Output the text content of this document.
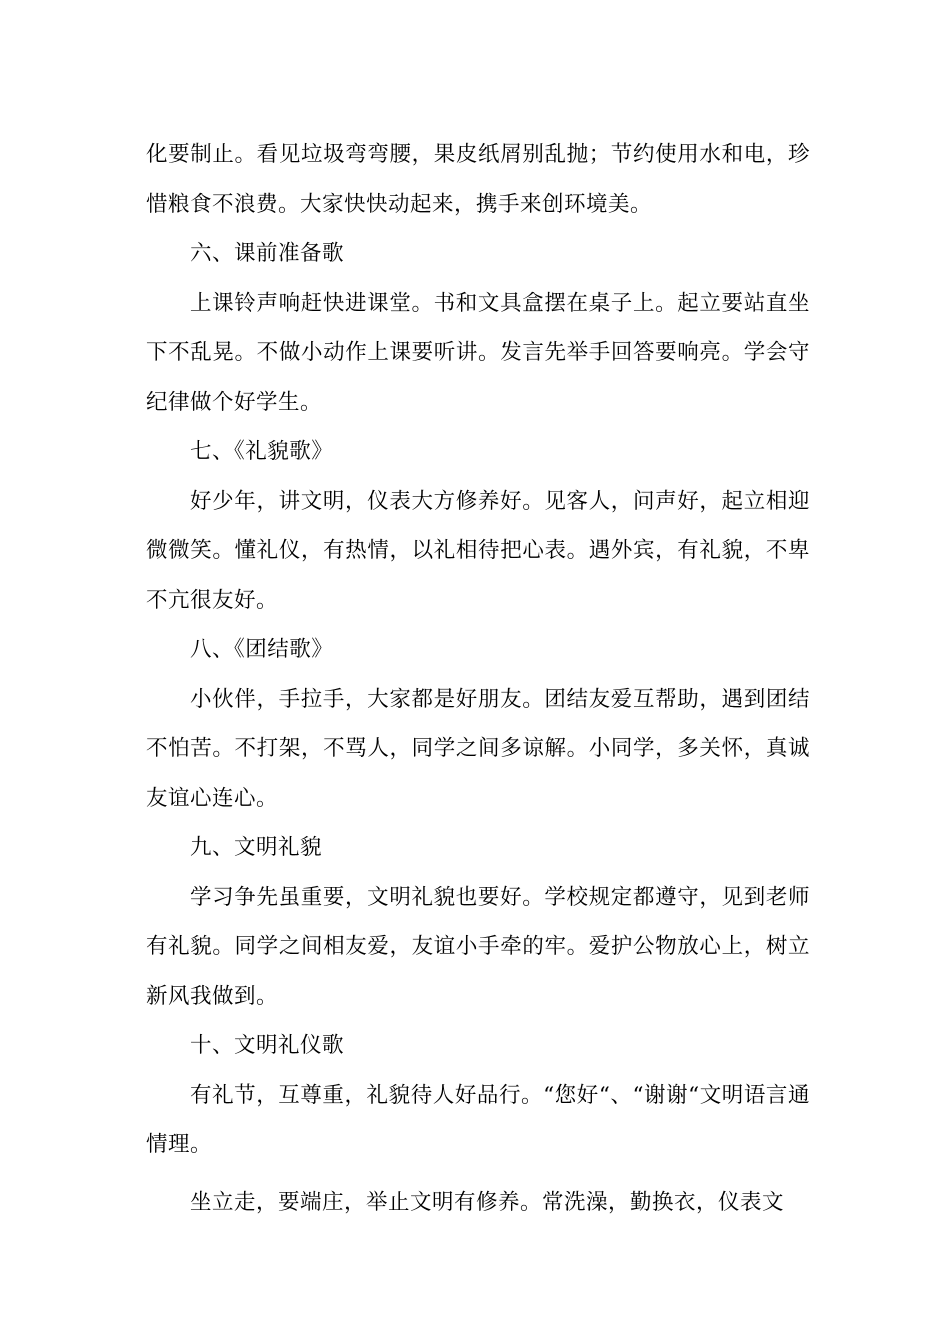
化要制止。看见垃圾弯弯腰，果皮纸屑别乱抛；节约使用水和电，珍惜粮食不浪费。大家快快动起来，携手来创环境美。

六、课前准备歌

上课铃声响赶快进课堂。书和文具盒摆在桌子上。起立要站直坐下不乱晃。不做小动作上课要听讲。发言先举手回答要响亮。学会守纪律做个好学生。

七、《礼貌歌》

好少年，讲文明，仪表大方修养好。见客人，问声好，起立相迎微微笑。懂礼仪，有热情，以礼相待把心表。遇外宾，有礼貌，不卑不亢很友好。

八、《团结歌》

小伙伴，手拉手，大家都是好朋友。团结友爱互帮助，遇到团结不怕苦。不打架，不骂人，同学之间多谅解。小同学，多关怀，真诚友谊心连心。

九、文明礼貌

学习争先虽重要，文明礼貌也要好。学校规定都遵守，见到老师有礼貌。同学之间相友爱，友谊小手牵的牢。爱护公物放心上，树立新风我做到。

十、文明礼仪歌

有礼节，互尊重，礼貌待人好品行。“您好“、“谢谢“文明语言通情理。

坐立走，要端庄，举止文明有修养。常洗澡，勤换衣，仪表文
